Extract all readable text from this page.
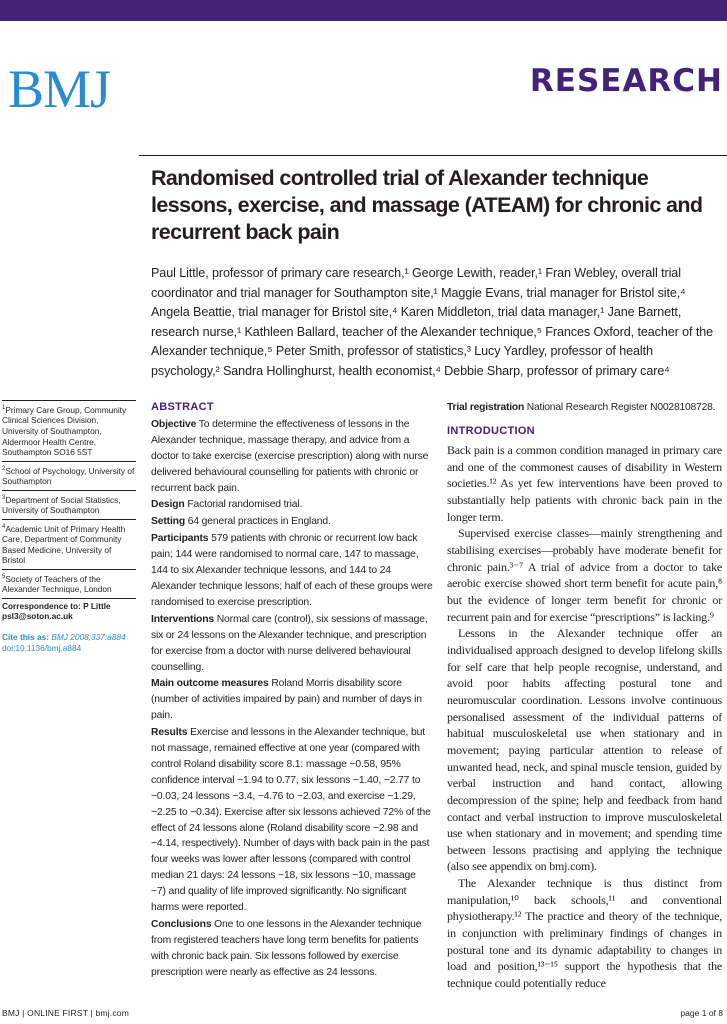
BMJ	RESEARCH
Randomised controlled trial of Alexander technique lessons, exercise, and massage (ATEAM) for chronic and recurrent back pain

Paul Little, professor of primary care research,¹ George Lewith, reader,¹ Fran Webley, overall trial coordinator and trial manager for Southampton site,¹ Maggie Evans, trial manager for Bristol site,⁴ Angela Beattie, trial manager for Bristol site,⁴ Karen Middleton, trial data manager,¹ Jane Barnett, research nurse,¹ Kathleen Ballard, teacher of the Alexander technique,⁵ Frances Oxford, teacher of the Alexander technique,⁵ Peter Smith, professor of statistics,³ Lucy Yardley, professor of health psychology,² Sandra Hollinghurst, health economist,⁴ Debbie Sharp, professor of primary care⁴

$^1$Primary Care Group, Community Clinical Sciences Division, University of Southampton, Aldermoor Health Centre, Southampton SO16 5ST
$^2$School of Psychology, University of Southampton
$^3$Department of Social Statistics, University of Southampton
$^4$Academic Unit of Primary Health Care, Department of Community Based Medicine, University of Bristol
$^5$Society of Teachers of the Alexander Technique, London
Correspondence to: P Little
psl3@soton.ac.uk
Cite this as: BMJ 2008;337:a884
doi:10.1136/bmj.a884
ABSTRACT

Objective To determine the effectiveness of lessons in the Alexander technique, massage therapy, and advice from a doctor to take exercise (exercise prescription) along with nurse delivered behavioural counselling for patients with chronic or recurrent back pain.

Design Factorial randomised trial.

Setting 64 general practices in England.

Participants 579 patients with chronic or recurrent low back pain; 144 were randomised to normal care, 147 to massage, 144 to six Alexander technique lessons, and 144 to 24 Alexander technique lessons; half of each of these groups were randomised to exercise prescription.

Interventions Normal care (control), six sessions of massage, six or 24 lessons on the Alexander technique, and prescription for exercise from a doctor with nurse delivered behavioural counselling.

Main outcome measures Roland Morris disability score (number of activities impaired by pain) and number of days in pain.

Results Exercise and lessons in the Alexander technique, but not massage, remained effective at one year (compared with control Roland disability score 8.1: massage −0.58, 95% confidence interval −1.94 to 0.77, six lessons −1.40, −2.77 to −0.03, 24 lessons −3.4, −4.76 to −2.03, and exercise −1.29, −2.25 to −0.34). Exercise after six lessons achieved 72% of the effect of 24 lessons alone (Roland disability score −2.98 and −4.14, respectively). Number of days with back pain in the past four weeks was lower after lessons (compared with control median 21 days: 24 lessons −18, six lessons −10, massage −7) and quality of life improved significantly. No significant harms were reported.

Conclusions One to one lessons in the Alexander technique from registered teachers have long term benefits for patients with chronic back pain. Six lessons followed by exercise prescription were nearly as effective as 24 lessons.

Trial registration National Research Register N0028108728.
INTRODUCTION

Back pain is a common condition managed in primary care and one of the commonest causes of disability in Western societies.¹² As yet few interventions have been proved to substantially help patients with chronic back pain in the longer term.

Supervised exercise classes—mainly strengthening and stabilising exercises—probably have moderate benefit for chronic pain.³⁻⁷ A trial of advice from a doctor to take aerobic exercise showed short term benefit for acute pain,⁸ but the evidence of longer term benefit for chronic or recurrent pain and for exercise “prescriptions” is lacking.⁹

Lessons in the Alexander technique offer an individualised approach designed to develop lifelong skills for self care that help people recognise, understand, and avoid poor habits affecting postural tone and neuromuscular coordination. Lessons involve continuous personalised assessment of the individual patterns of habitual musculoskeletal use when stationary and in movement; paying particular attention to release of unwanted head, neck, and spinal muscle tension, guided by verbal instruction and hand contact, allowing decompression of the spine; help and feedback from hand contact and verbal instruction to improve musculoskeletal use when stationary and in movement; and spending time between lessons practising and applying the technique (also see appendix on bmj.com).

The Alexander technique is thus distinct from manipulation,¹⁰ back schools,¹¹ and conventional physiotherapy.¹² The practice and theory of the technique, in conjunction with preliminary findings of changes in postural tone and its dynamic adaptability to changes in load and position,¹³⁻¹⁵ support the hypothesis that the technique could potentially reduce

BMJ | ONLINE FIRST | bmj.com	page 1 of 8
